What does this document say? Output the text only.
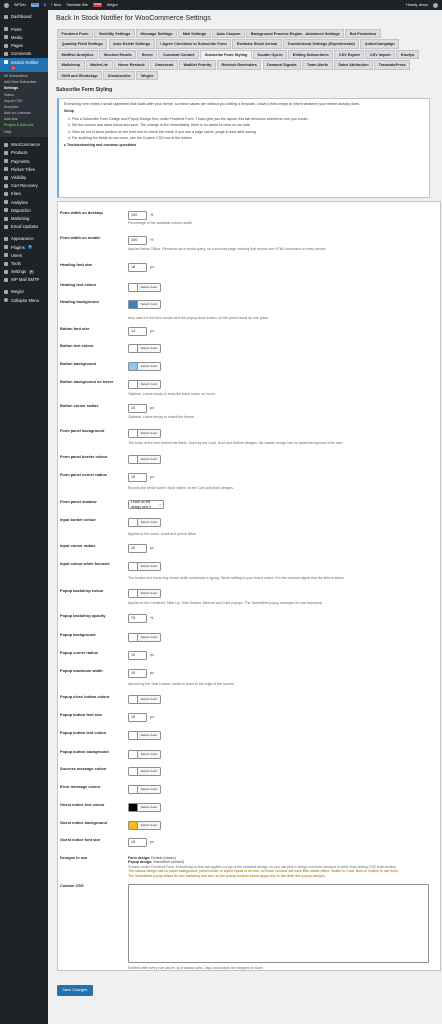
WPDev	Live 0 + New Translate Site	WEB Wegicr	Howdy, demo
Dashboard
Posts
Media
Pages
Comments
Instock Notifier
0
All Subscribers
Add New Subscriber
Settings
Status
Import CSV
Analytics
Add-on Licenses
Add-ons
Plugins & Add-ons
Help
WooCommerce
Products
Payments
Flickerr Files
Visibility
Cart Recovery
Klaro
Analytics
Dispatchio
Marketing
Email Updates
Appearance
Plugins	6
Users
Tools
Settings	3
WP Mail SMTP
Wegicr
Collapse Menu
Back In Stock Notifier for WooCommerce Settings
Frontend Form	Visibility Settings	Message Settings	Mail Settings	Auto Coupon	Background Process Engine - Advanced Settings	Bot Protection
Quantity Field Settings	Auto Delete Settings	I Agree Checkbox in Subscribe Form	Estimate Stock Arrival	Troubleshoot Settings (Experimental)	ActiveCampaign
Mailfish Analytics	Stocked Emails	Brevo	Constant Contact	Subscribe Form Styling	Double Opt-in	Editing Subscribers	CSV Export	CSV Import	Klaviyo
Mailchimp	MailerLite	Never Restock	Omnisend	Waitlist Priority	Restock Reminders	Demand Signals	Team Alerts	Sales Attribution	TranslatePress
Shift and WhatsApp	Unsubscribe	Wegicr
Subscribe Form Styling

Everything here writes a small stylesheet that loads after your theme, so these values win without you editing a template. Leave a field empty to inherit whatever your theme already does.

Setup

1. Pick a Subscribe Form Design and Popup Design first, under Frontend Form. Those give you the layout; this tab recolours whichever one you chose.
2. Set the colours and sizes below and save. The change is live immediately, there is no cache to clear on our side.
3. View an out of stock product on the front end to check the result. If you use a page cache, purge it once after saving.
4. For anything the fields do not cover, use the Custom CSS box at the bottom.
▸ Troubleshooting and common questions
Form width on desktop
100	%
Percentage of the available column width.
Form width on mobile
100	%
Applied below 768px. Rendered as a media query, so it survives page caching that serves one HTML document to every device.
Heading font size
18	px
Heading text colour	Select Color
Heading background	Select Color
Also used for the form border and the popup close button, so the panel reads as one piece.
Button font size
14	px
Button text colour	Select Color
Button background	Select Color
Button background on hover	Select Color
Optional. Leave empty to keep the base colour on hover.
Button corner radius
10	px
Optional. Leave empty to inherit the theme.
Form panel background	Select Color
The body of the form behind the fields. Used by the Card, Bold and Outline designs; the classic design has no panel background of its own.
Form panel border colour	Select Color
Form panel corner radius
10	px
Rounds the whole panel. Most visible on the Card and Bold designs.
Form panel shadow	Leave as the design sets it
⌄
Input border colour	Select Color
Applies to the name, email and phone fields.
Input corner radius
10	px
Input colour when focused	Select Color
The border and focus ring shown while somebody is typing. Worth setting to your brand colour: it is the clearest signal that the field is active.
Popup backdrop colour	Select Color
Applies to the Centered, Slide Up, Side Drawer, Minimal and Card popups. The SweetAlert popup manages its own backdrop.
Popup backdrop opacity
70	%
Popup background	Select Color
Popup corner radius
10	px
Popup maximum width
10	px
Ignored by the Side Drawer, which is sized to the edge of the screen.
Popup close button colour	Select Color
Popup button font size
10	px
Popup button text colour	Select Color
Popup button background	Select Color
Success message colour	Select Color
Error message colour	Select Color
Guest notice text colour	Select Color
Guest notice background	Select Color
Guest notice font size
10	px
Designs in use	Form design: Default (classic)
Popup design: SweetAlert (default)
Chosen under Frontend Form. Everything on this tab applies on top of the selected design, so you can pick a design and then recolour it rather than writing CSS from scratch.
The classic design has no panel background, panel border or styled inputs of its own, so those controls will have little visible effect. Switch to Card, Bold or Outline to use them.
The SweetAlert popup draws its own backdrop and box, so the popup controls below apply only to the other five popup designs.
Custom CSS
Emitted after every rule above, so it always wins. Tags and scripts are stripped on save.
Save Changes
